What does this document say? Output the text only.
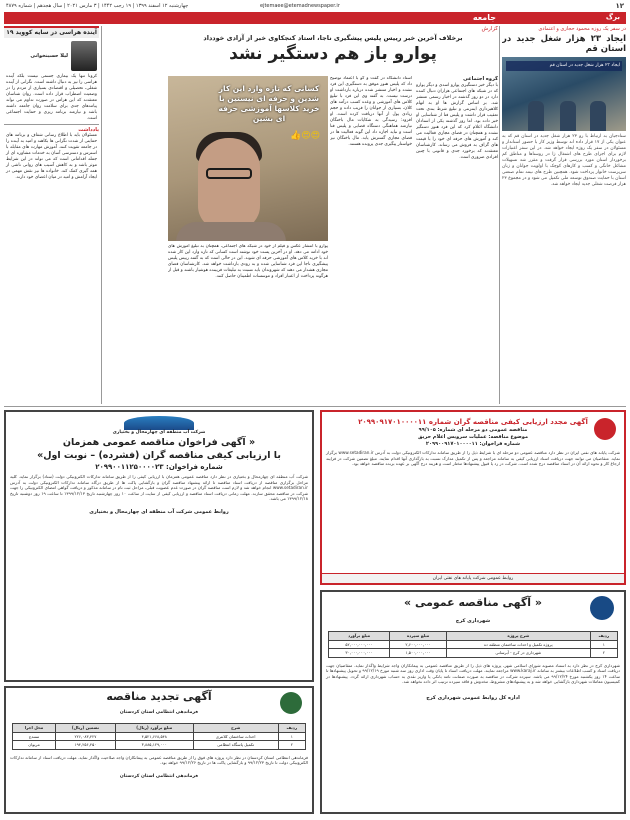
۱۲
چهارشنبه ۱۲ اسفند ۱۳۹۹ | ۱۹ رجب ۱۴۴۲ | ۳ مارس ۲۰۲۱ | سال هجدهم | شماره ۴۸۷۹	ejtemaee@etemadnewspaper.ir
برگ
جامعه
در سفر یک روزه محمود حجازی و اعتمادی
ایجاد ۲۳ هزار شغل جدید در استان قم
ایجاد ۲۳ هزار شغل جدید در استان قم
ستادجیان به ارتباط با رو ۲۳ هزار شغل جدید در استان قم که به عنوان یکی از ۱۷ قرار داده اند توسط وزیر کار با حضور استاندار و مسئولان در سفر یک روزه ایجاد خواهد شد. در این سفر اعتبارات لازم برای اجرای طرح های اشتغال زا در روستاها و مناطق کم برخوردار استان مورد بررسی قرار گرفت و مقرر شد تسهیلات مشاغل خانگی و کسب و کارهای کوچک با اولویت جوانان و زنان سرپرست خانوار پرداخت شود. همچنین طرح های نیمه تمام صنعتی استان با حمایت صندوق توسعه ملی تکمیل می شود و در مجموع ۲۳ هزار فرصت شغلی جدید ایجاد خواهد شد.
گزارش
برخلاف آخرین خبر رییس پلیس پیشگیری ناجا، استاد کنجکاوی خبر از آزادی خودداد
پوارو باز هم دستگیر نشد
گروه اجتماعی
با دیگر خبر دستگیری پوارو اسدی و دیگر پوارو که در شبکه های اجتماعی هزاران دنبال کننده دارد در دو روز گذشته در اخبار رسمی منتشر شد. بر اساس گزارش ها او به اتهام کلاهبرداری اینترنتی و تبلیغ شرط بندی تحت تعقیب قرار داشت و پلیس فتا از شناسایی او خبر داده بود. اما روز گذشته یکی از استادان دانشگاه اعلام کرد که این فرد هنوز دستگیر نشده و همچنان در فضای مجازی فعالیت می کند و آموزش های حرفه ای خود را با قیمت های گزاف به فروش می رساند. کارشناسان معتقدند که برخورد جدی و قانونی با چنین افرادی ضروری است.
استاد دانشگاه در گفت و گو با اعتماد توضیح داد که پلیس هنوز موفق به دستگیری این فرد نشده و اخبار منتشر شده درباره بازداشت او درست نیست. به گفته وی این فرد با تبلیغ کلاس های آموزشی و وعده کسب درآمد های کلان، بسیاری از جوانان را فریب داده و حجم زیادی پول از آنها دریافت کرده است. او افزود: رسیدگی به شکایات مال باختگان نیازمند هماهنگی دستگاه قضایی و پلیس فتا است و نباید اجازه داد این گونه فعالیت ها در فضای مجازی گسترش یابد. مال باختگان نیز خواستار پیگیری جدی پرونده هستند.
کسانی که تازه وارد این کار شدین و حرفه ای نیستین با خرید کلاسها آموزشی حرفه ای بشین
😍😍👍
پوارو با انتشار عکس و فیلم از خود در شبکه های اجتماعی، همچنان به تبلیغ آموزش های خود ادامه می دهد. او در آخرین پست خود نوشته است کسانی که تازه وارد این کار شده اند با خرید کلاس های آموزشی حرفه ای شوند. این در حالی است که به گفته رییس پلیس پیشگیری ناجا این فرد شناسایی شده و به زودی بازداشت خواهد شد. کارشناسان فضای مجازی هشدار می دهند که شهروندان باید نسبت به تبلیغات فریبنده هوشیار باشند و قبل از هرگونه پرداخت از اعتبار افراد و موسسات اطمینان حاصل کنند.
آینده هراسی در سایه کووید ۱۹
لیلا حسینخوانی
کرونا تنها یک بیماری جسمی نیست بلکه آینده هراسی را نیز به دنبال داشته است. نگرانی از آینده شغلی، تحصیلی و اقتصادی بسیاری از مردم را در وضعیت اضطراب قرار داده است. روان شناسان معتقدند که این هراس در صورت تداوم می تواند پیامدهای جدی برای سلامت روان جامعه داشته باشد و نیازمند برنامه ریزی و حمایت اجتماعی است.
یادداشت
مسئولان باید با اطلاع رسانی شفاف و برنامه های حمایتی از شدت نگرانی ها بکاهند و امید به آینده را در جامعه تقویت کنند. آموزش مهارت های مقابله با استرس و دسترسی آسان به خدمات مشاوره ای از جمله اقداماتی است که می تواند در این شرایط موثر باشد و به کاهش آسیب های روانی ناشی از همه گیری کمک کند. خانواده ها نیز نقش مهمی در ایجاد آرامش و امید در میان اعضای خود دارند.
شرکت آب منطقه ای چهارمحال و بختیاری
« آگهی فراخوان مناقصه عمومی همزمان
با ارزیابی کیفی مناقصه گران (فشرده) – نوبت اول»
شماره فراخوان: ۲۰۹۹۰۰۱۱۲۵۰۰۰۰۲۳
شرکت آب منطقه ای چهارمحال و بختیاری در نظر دارد مناقصه عمومی همزمان با ارزیابی کیفی را از طریق سامانه تدارکات الکترونیکی دولت (ستاد) برگزار نماید. کلیه مراحل برگزاری مناقصه از دریافت اسناد مناقصه تا ارائه پیشنهاد مناقصه گران و بازگشایی پاکت ها از طریق درگاه سامانه تدارکات الکترونیکی دولت به آدرس www.setadiran.ir انجام خواهد شد و لازم است مناقصه گران در صورت عدم عضویت قبلی، مراحل ثبت نام در سامانه مذکور و دریافت گواهی امضای الکترونیکی را جهت شرکت در مناقصه محقق سازند. مهلت زمانی دریافت اسناد مناقصه و ارزیابی کیفی از سایت از ساعت ۱۰ روز چهارشنبه تاریخ ۱۳۹۹/۱۲/۱۳ تا ساعت ۱۹ روز دوشنبه تاریخ ۱۳۹۹/۱۲/۱۸ می باشد.
روابط عمومی شرکت آب منطقه ای چهارمحال و بختیاری
آگهی مجدد ارزیابی کیفی مناقصه گران شماره ۲۰۹۹۰۹۱۷۰۱۰۰۰۰۱۱
مناقصه عمومی دو مرحله ای شماره: ۹۹/۱۰۵
موضوع مناقصه: عملیات سرویس اعلام حریق
شماره فراخوان: ۲۰۹۹۰۰۹۱۷۰۱۰۰۰۰۱۱
شرکت پایانه های نفتی ایران در نظر دارد مناقصه عمومی دو مرحله ای با شرایط ذیل را از طریق سامانه تدارکات الکترونیکی دولت به آدرس www.setadiran.ir برگزار نماید. متقاضیان می توانند جهت دریافت اسناد ارزیابی کیفی به سامانه مراجعه و پس از تکمیل مدارک نسبت به بارگذاری آنها اقدام نمایند. مبلغ تضمین شرکت در فرایند ارجاع کار و نحوه ارائه آن در اسناد مناقصه درج شده است. شرکت در رد یا قبول پیشنهادها مختار است و هزینه درج آگهی بر عهده برنده مناقصه خواهد بود.
روابط عمومی شرکت پایانه های نفتی ایران
« آگهی مناقصه عمومی »
شهرداری کرج
ردیف	شرح پروژه	مبلغ سپرده	مبلغ برآورد
۱	پروژه تکمیل و احداث ساختمان منطقه ده	۲,۶۰۰,۰۰۰,۰۰۰	۵۲,۰۰۰,۰۰۰,۰۰۰
۲	شهرداری در کرج - آبرسانی	۱,۵۰۰,۰۰۰,۰۰۰	۳۰,۰۰۰,۰۰۰,۰۰۰
شهرداری کرج در نظر دارد به استناد مصوبه شورای اسلامی شهر، پروژه های ذیل را از طریق مناقصه عمومی به پیمانکاران واجد شرایط واگذار نماید. متقاضیان جهت دریافت اسناد و کسب اطلاعات بیشتر به سامانه www.karaj.ir مراجعه نمایند. مهلت دریافت اسناد تا پایان وقت اداری روز سه شنبه مورخ ۹۹/۱۲/۱۹ و تحویل پیشنهادها تا ساعت ۱۴ روز یکشنبه مورخ ۹۹/۱۲/۲۴ می باشد. سپرده شرکت در مناقصه به صورت ضمانت نامه بانکی یا واریز نقدی به حساب شهرداری ارائه گردد. پیشنهادها در کمیسیون معاملات شهرداری بازگشایی خواهد شد و به پیشنهادهای مشروط، مخدوش و فاقد سپرده ترتیب اثر داده نخواهد شد.
اداره کل روابط عمومی شهرداری کرج
آگهی تجدید مناقصه
فرماندهی انتظامی استان کردستان
ردیف	شرح	مبلغ برآورد (ریال)	تضمین (ریال)	محل اجرا
۱	احداث ساختمان کلانتری	۴,۵۲۱,۶۶۸,۵۴۸	۲۲۶,۰۸۳,۴۲۷	سنندج
۲	تکمیل پاسگاه انتظامی	۳,۸۸۵,۱۲۹,۰۰۰	۱۹۴,۲۵۶,۴۵۰	مریوان
فرماندهی انتظامی استان کردستان در نظر دارد پروژه های فوق را از طریق مناقصه عمومی به پیمانکاران واجد صلاحیت واگذار نماید. مهلت دریافت اسناد از سامانه تدارکات الکترونیکی دولت تا تاریخ ۹۹/۱۲/۲۳ و بازگشایی پاکت ها در تاریخ ۹۹/۱۲/۲۶ خواهد بود.
فرماندهی انتظامی استان کردستان
